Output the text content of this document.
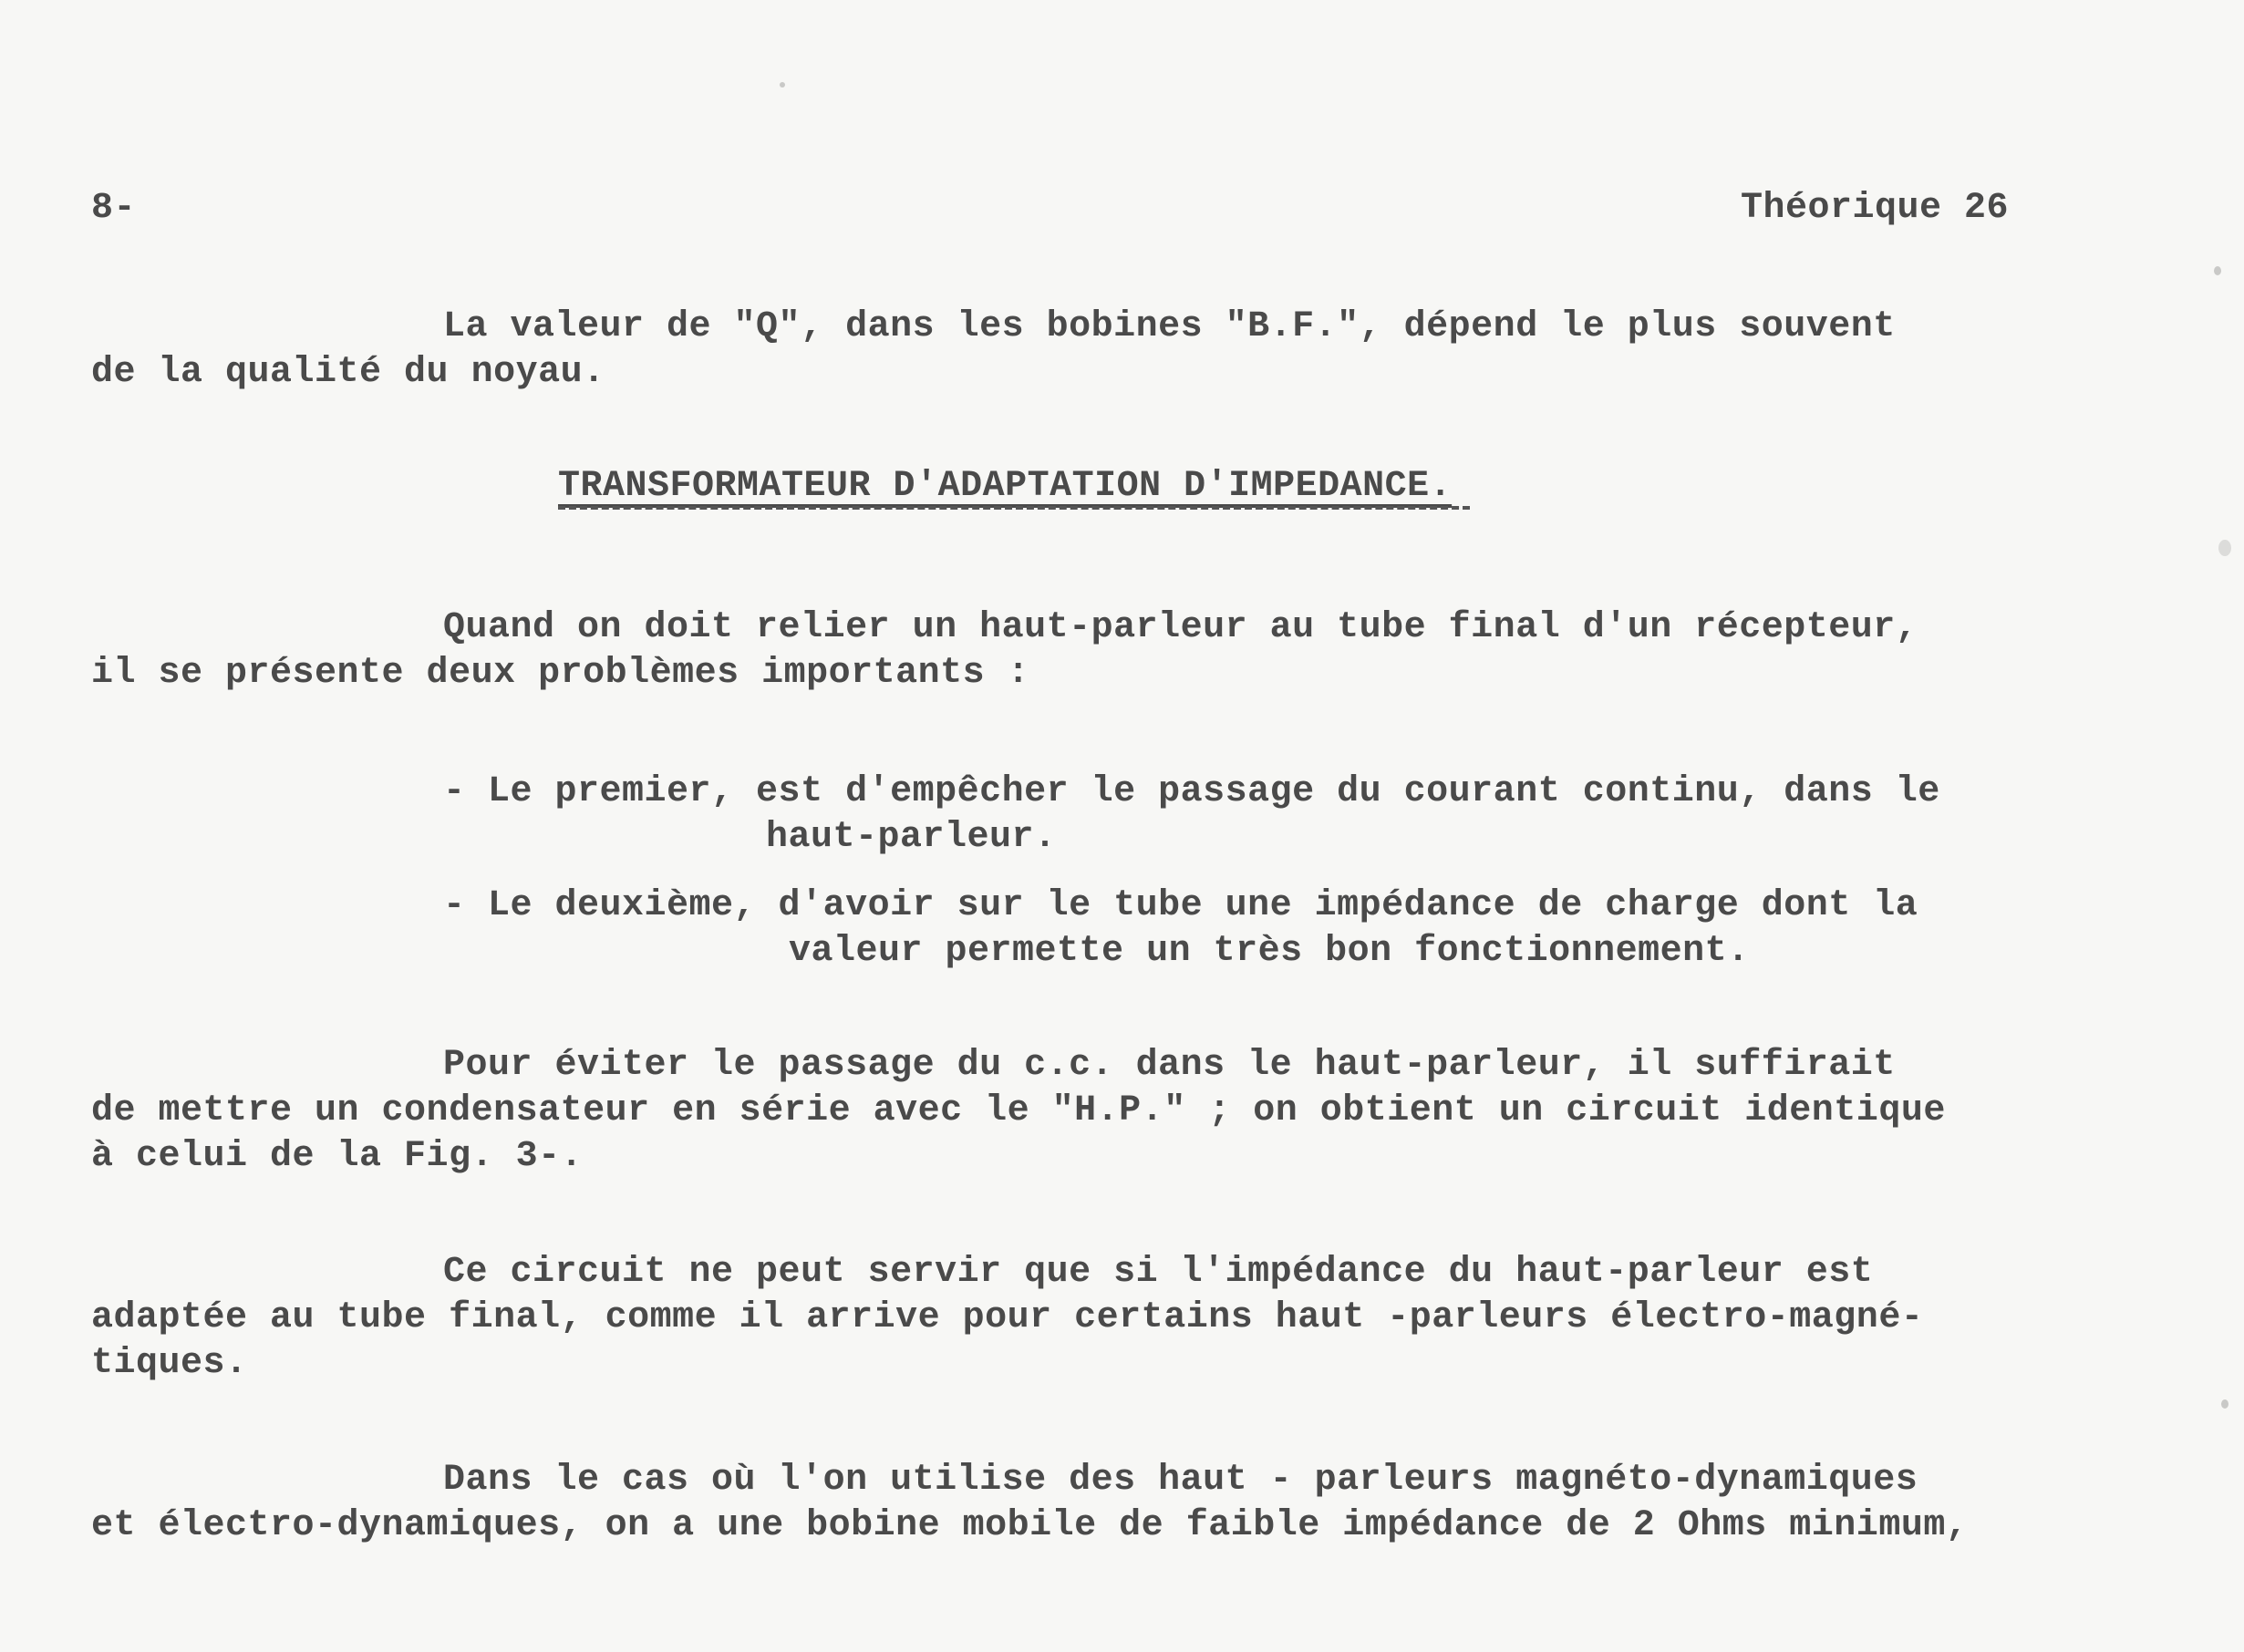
8-	Théorique 26
La valeur de "Q", dans les bobines "B.F.", dépend le plus souvent
de la qualité du noyau.
TRANSFORMATEUR D'ADAPTATION D'IMPEDANCE.
Quand on doit relier un haut-parleur au tube final d'un récepteur,
il se présente deux problèmes importants :
- Le premier, est d'empêcher le passage du courant continu, dans le
haut-parleur.
- Le deuxième, d'avoir sur le tube une impédance de charge dont la
valeur permette un très bon fonctionnement.
Pour éviter le passage du c.c. dans le haut-parleur, il suffirait
de mettre un condensateur en série avec le "H.P." ; on obtient un circuit identique
à celui de la Fig. 3-.
Ce circuit ne peut servir que si l'impédance du haut-parleur est
adaptée au tube final, comme il arrive pour certains haut -parleurs électro-magné-
tiques.
Dans le cas où l'on utilise des haut - parleurs magnéto-dynamiques
et électro-dynamiques, on a une bobine mobile de faible impédance de 2 Ohms minimum,
